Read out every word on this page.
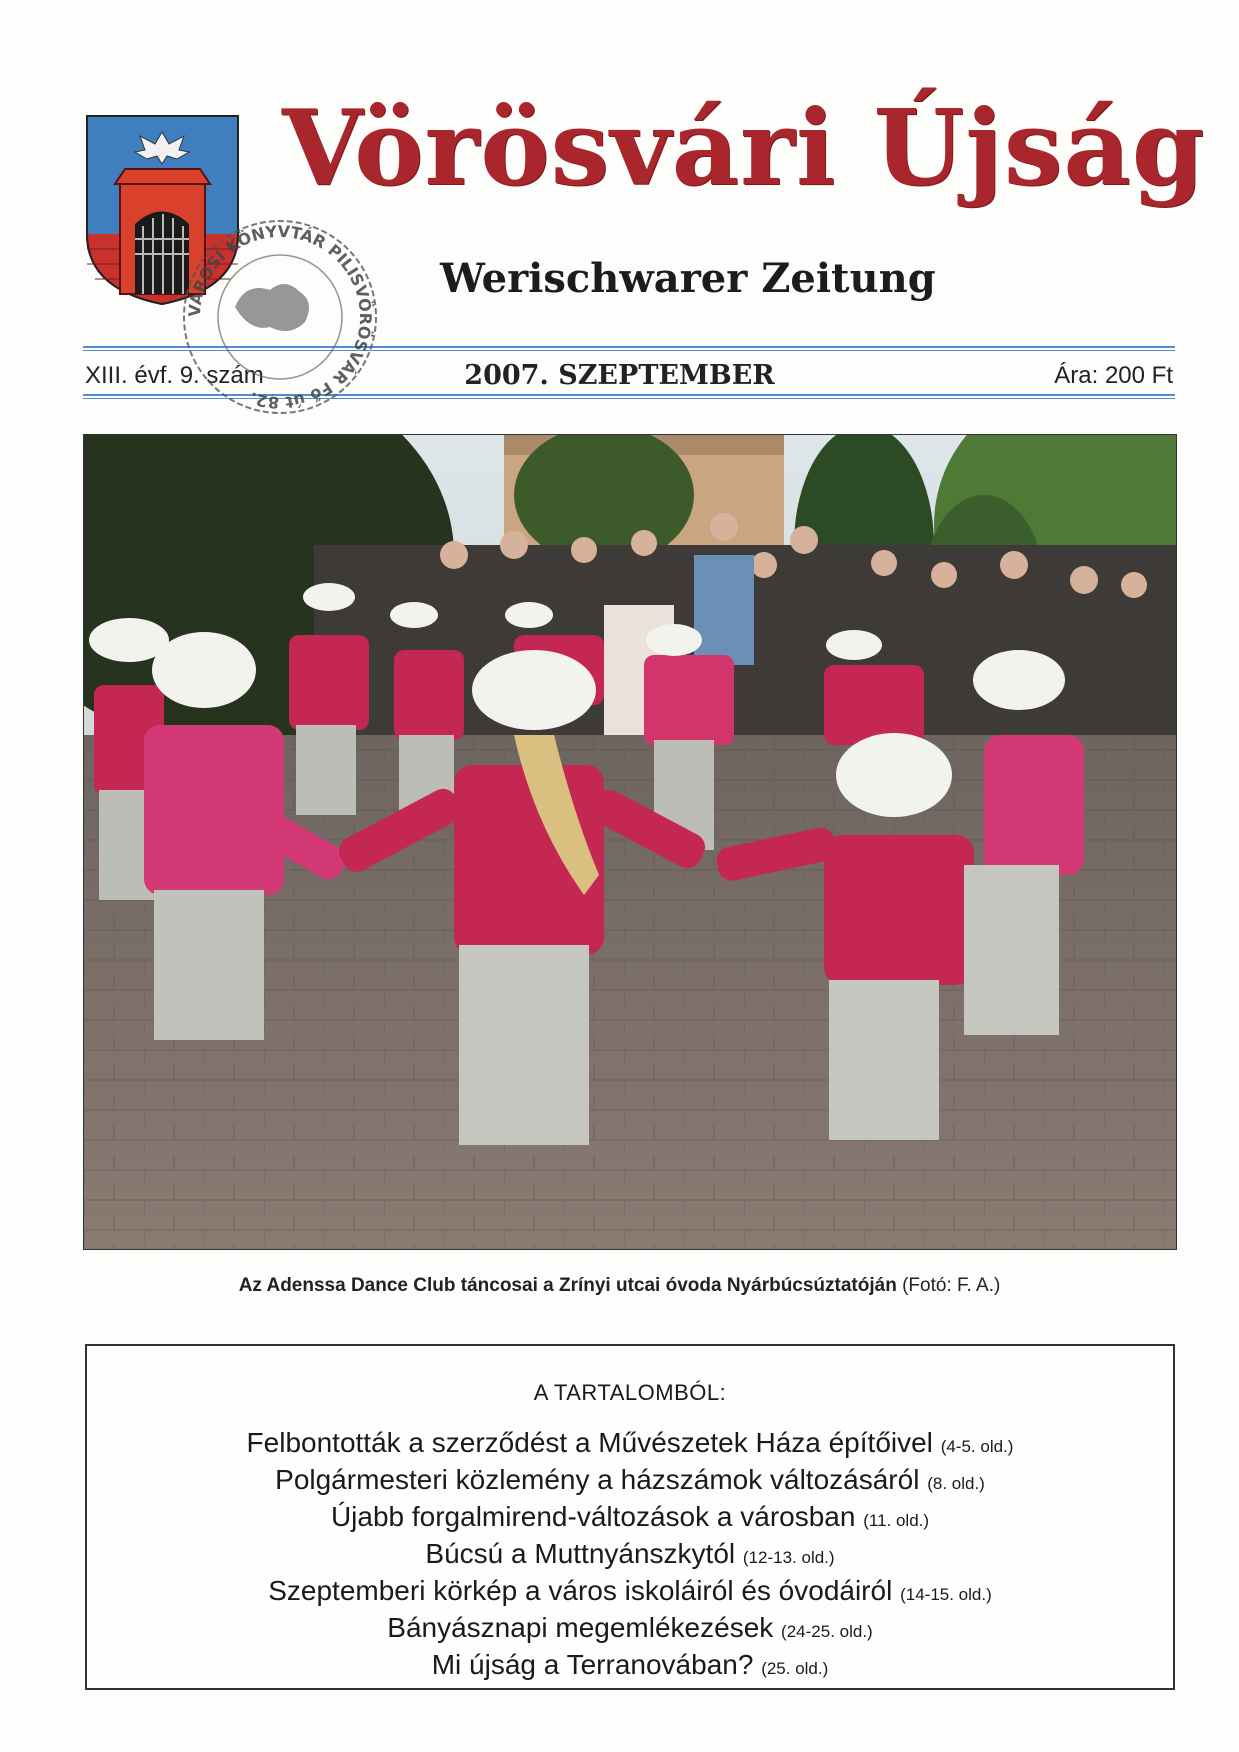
Vörösvári Újság
Werischwarer Zeitung
XIII. évf. 9. szám	2007. SZEPTEMBER	Ára: 200 Ft
VÁROSI KÖNYVTÁR PILISVÖRÖSVÁR Fő út 82.
Az Adenssa Dance Club táncosai a Zrínyi utcai óvoda Nyárbúcsúztatóján (Fotó: F. A.)
A TARTALOMBÓL:
Felbontották a szerződést a Művészetek Háza építőivel (4-5. old.)
Polgármesteri közlemény a házszámok változásáról (8. old.)
Újabb forgalmirend-változások a városban (11. old.)
Búcsú a Muttnyánszkytól (12-13. old.)
Szeptemberi körkép a város iskoláiról és óvodáiról (14-15. old.)
Bányásznapi megemlékezések (24-25. old.)
Mi újság a Terranovában? (25. old.)
